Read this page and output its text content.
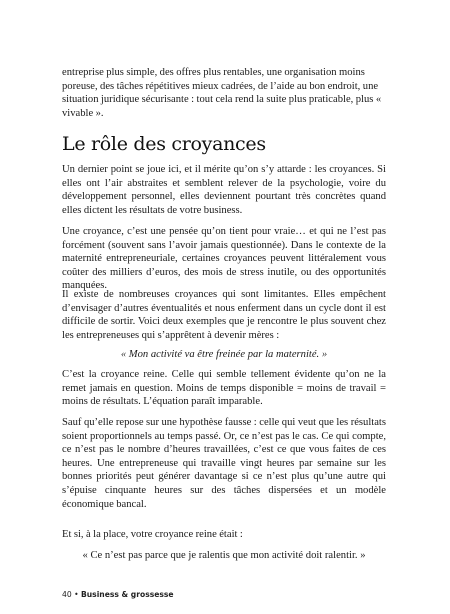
entreprise plus simple, des offres plus rentables, une organisation moins poreuse, des tâches répétitives mieux cadrées, de l’aide au bon endroit, une situation juridique sécurisante : tout cela rend la suite plus praticable, plus « vivable ».

Le rôle des croyances

Un dernier point se joue ici, et il mérite qu’on s’y attarde : les croyances. Si elles ont l’air abstraites et semblent relever de la psychologie, voire du développement personnel, elles deviennent pourtant très concrètes quand elles dictent les résultats de votre business.

Une croyance, c’est une pensée qu’on tient pour vraie… et qui ne l’est pas forcément (souvent sans l’avoir jamais questionnée). Dans le contexte de la maternité entrepreneuriale, certaines croyances peuvent littéralement vous coûter des milliers d’euros, des mois de stress inutile, ou des opportunités manquées.

Il existe de nombreuses croyances qui sont limitantes. Elles empêchent d’envisager d’autres éventualités et nous enferment dans un cycle dont il est difficile de sortir. Voici deux exemples que je rencontre le plus souvent chez les entrepreneuses qui s’apprêtent à devenir mères :

« Mon activité va être freinée par la maternité. »

C’est la croyance reine. Celle qui semble tellement évidente qu’on ne la remet jamais en question. Moins de temps disponible = moins de travail = moins de résultats. L’équation paraît imparable.

Sauf qu’elle repose sur une hypothèse fausse : celle qui veut que les résultats soient proportionnels au temps passé. Or, ce n’est pas le cas. Ce qui compte, ce n’est pas le nombre d’heures travaillées, c’est ce que vous faites de ces heures. Une entrepreneuse qui travaille vingt heures par semaine sur les bonnes priorités peut générer davantage si ce n’est plus qu’une autre qui s’épuise cinquante heures sur des tâches dispersées et un modèle économique bancal.

Et si, à la place, votre croyance reine était :

« Ce n’est pas parce que je ralentis que mon activité doit ralentir. »
40 • Business & grossesse
